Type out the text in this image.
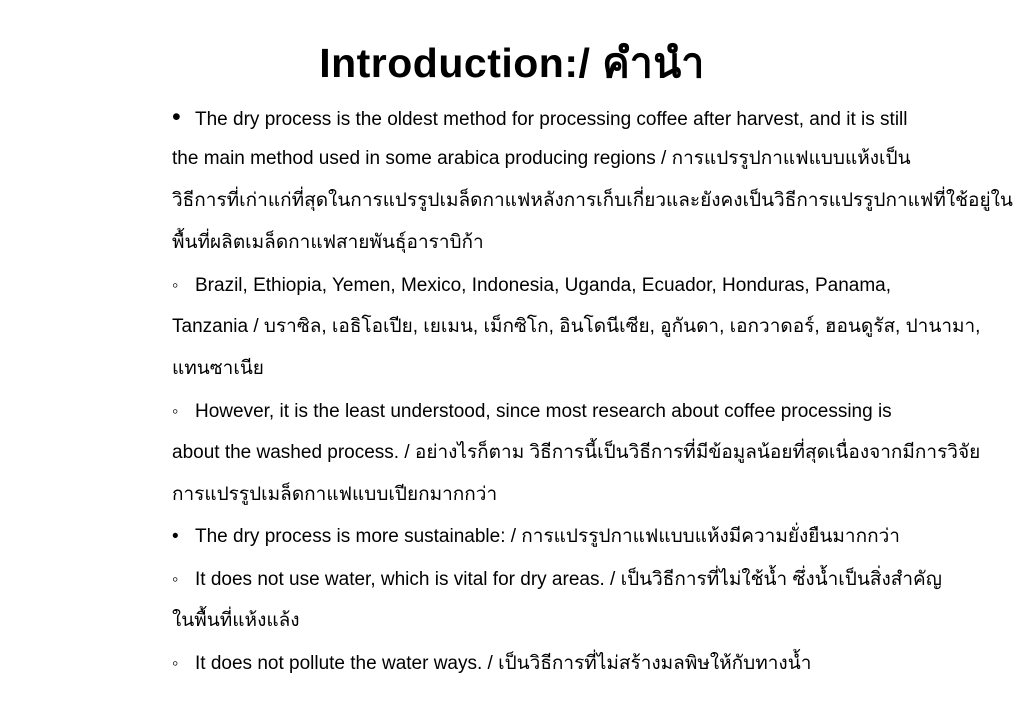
Introduction:/ คำนำ
• The dry process is the oldest method for processing coffee after harvest, and it is still
the main method used in some arabica producing regions / การแปรรูปกาแฟแบบแห้งเป็น
วิธีการที่เก่าแก่ที่สุดในการแปรรูปเมล็ดกาแฟหลังการเก็บเกี่ยวและยังคงเป็นวิธีการแปรรูปกาแฟที่ใช้อยู่ใน
พื้นที่ผลิตเมล็ดกาแฟสายพันธุ์อาราบิก้า
◦ Brazil, Ethiopia, Yemen, Mexico, Indonesia, Uganda, Ecuador, Honduras, Panama,
Tanzania / บราซิล, เอธิโอเปีย, เยเมน, เม็กซิโก, อินโดนีเซีย, อูกันดา, เอกวาดอร์, ฮอนดูรัส, ปานามา,
แทนซาเนีย
◦ However, it is the least understood, since most research about coffee processing is
about the washed process. / อย่างไรก็ตาม วิธีการนี้เป็นวิธีการที่มีข้อมูลน้อยที่สุดเนื่องจากมีการวิจัย
การแปรรูปเมล็ดกาแฟแบบเปียกมากกว่า
• The dry process is more sustainable: / การแปรรูปกาแฟแบบแห้งมีความยั่งยืนมากกว่า
◦ It does not use water, which is vital for dry areas. / เป็นวิธีการที่ไม่ใช้น้ำ ซึ่งน้ำเป็นสิ่งสำคัญ
ในพื้นที่แห้งแล้ง
◦ It does not pollute the water ways. / เป็นวิธีการที่ไม่สร้างมลพิษให้กับทางน้ำ
